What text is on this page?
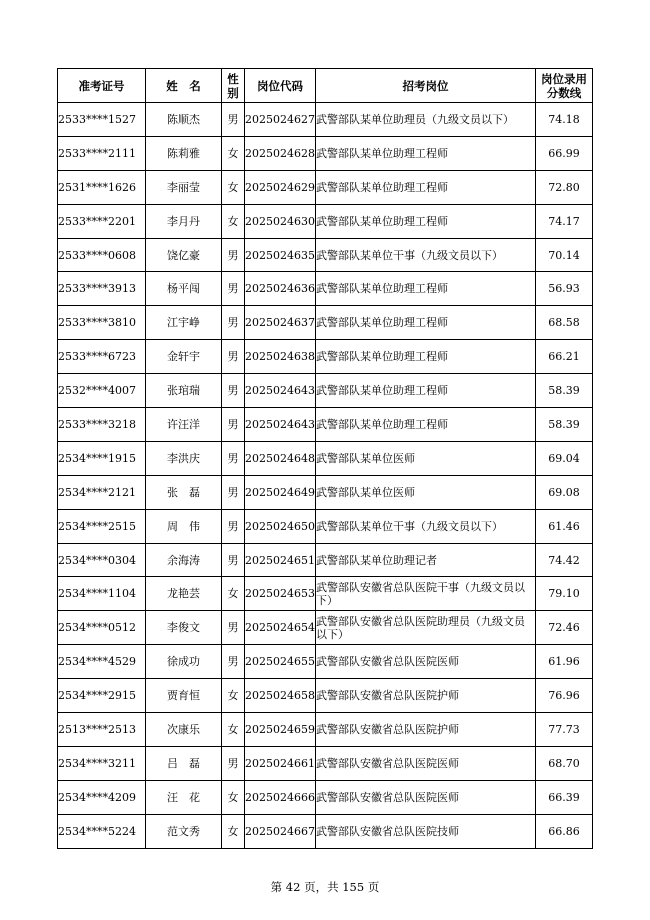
准考证号	姓　名	性别	岗位代码	招考岗位	岗位录用分数线
2533****1527	陈顺杰	男	2025024627	武警部队某单位助理员（九级文员以下）	74.18
2533****2111	陈莉雅	女	2025024628	武警部队某单位助理工程师	66.99
2531****1626	李丽莹	女	2025024629	武警部队某单位助理工程师	72.80
2533****2201	李月丹	女	2025024630	武警部队某单位助理工程师	74.17
2533****0608	饶亿豪	男	2025024635	武警部队某单位干事（九级文员以下）	70.14
2533****3913	杨平闯	男	2025024636	武警部队某单位助理工程师	56.93
2533****3810	江宇峥	男	2025024637	武警部队某单位助理工程师	68.58
2533****6723	金轩宇	男	2025024638	武警部队某单位助理工程师	66.21
2532****4007	张琯瑞	男	2025024643	武警部队某单位助理工程师	58.39
2533****3218	许汪洋	男	2025024643	武警部队某单位助理工程师	58.39
2534****1915	李洪庆	男	2025024648	武警部队某单位医师	69.04
2534****2121	张　磊	男	2025024649	武警部队某单位医师	69.08
2534****2515	周　伟	男	2025024650	武警部队某单位干事（九级文员以下）	61.46
2534****0304	余海涛	男	2025024651	武警部队某单位助理记者	74.42
2534****1104	龙艳芸	女	2025024653	武警部队安徽省总队医院干事（九级文员以下）	79.10
2534****0512	李俊文	男	2025024654	武警部队安徽省总队医院助理员（九级文员以下）	72.46
2534****4529	徐成功	男	2025024655	武警部队安徽省总队医院医师	61.96
2534****2915	贾育恒	女	2025024658	武警部队安徽省总队医院护师	76.96
2513****2513	次康乐	女	2025024659	武警部队安徽省总队医院护师	77.73
2534****3211	吕　磊	男	2025024661	武警部队安徽省总队医院医师	68.70
2534****4209	汪　花	女	2025024666	武警部队安徽省总队医院医师	66.39
2534****5224	范文秀	女	2025024667	武警部队安徽省总队医院技师	66.86
第 42 页，共 155 页
